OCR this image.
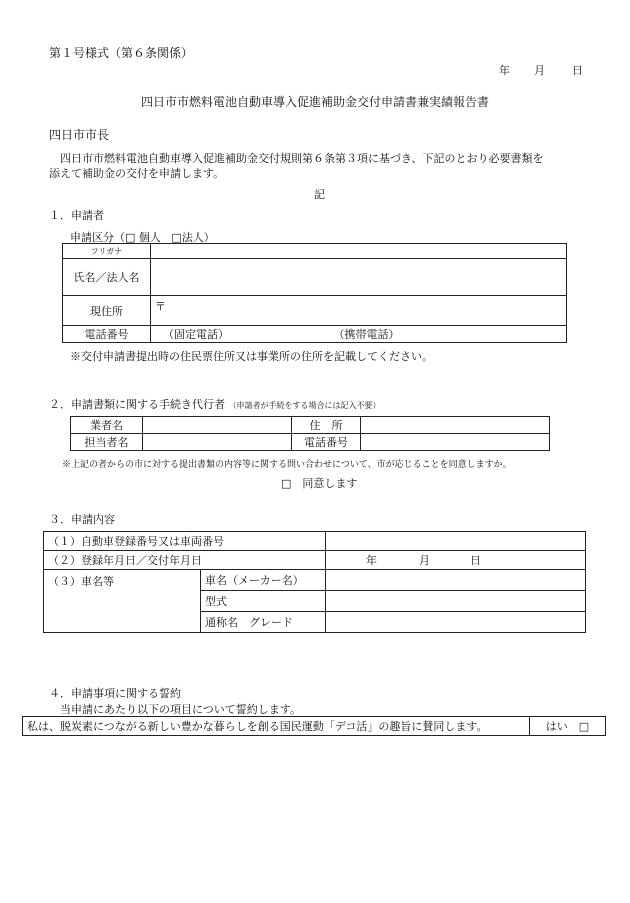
第１号様式（第６条関係）
年 月 日
四日市市燃料電池自動車導入促進補助金交付申請書兼実績報告書
四日市市長
四日市市燃料電池自動車導入促進補助金交付規則第６条第３項に基づき、下記のとおり必要書類を
添えて補助金の交付を申請します。
記
１．申請者
申請区分（□ 個人 □法人）
フリガナ	
氏名／法人名	
現住所	〒
電話番号	（固定電話） （携帯電話）
※交付申請書提出時の住民票住所又は事業所の住所を記載してください。
２．申請書類に関する手続き代行者 （申請者が手続をする場合には記入不要）
業者名		住　所	
担当者名		電話番号	
※上記の者からの市に対する提出書類の内容等に関する問い合わせについて、市が応じることを同意しますか。
□　同意します
３．申請内容
（１）自動車登録番号又は車両番号		
（２）登録年月日／交付年月日		年 月 日
（３）車名等	車名（メーカー名）	
	型式	
	通称名　グレード	
４．申請事項に関する誓約
当申請にあたり以下の項目について誓約します。
私は、脱炭素につながる新しい豊かな暮らしを創る国民運動「デコ活」の趣旨に賛同します。	はい　□
